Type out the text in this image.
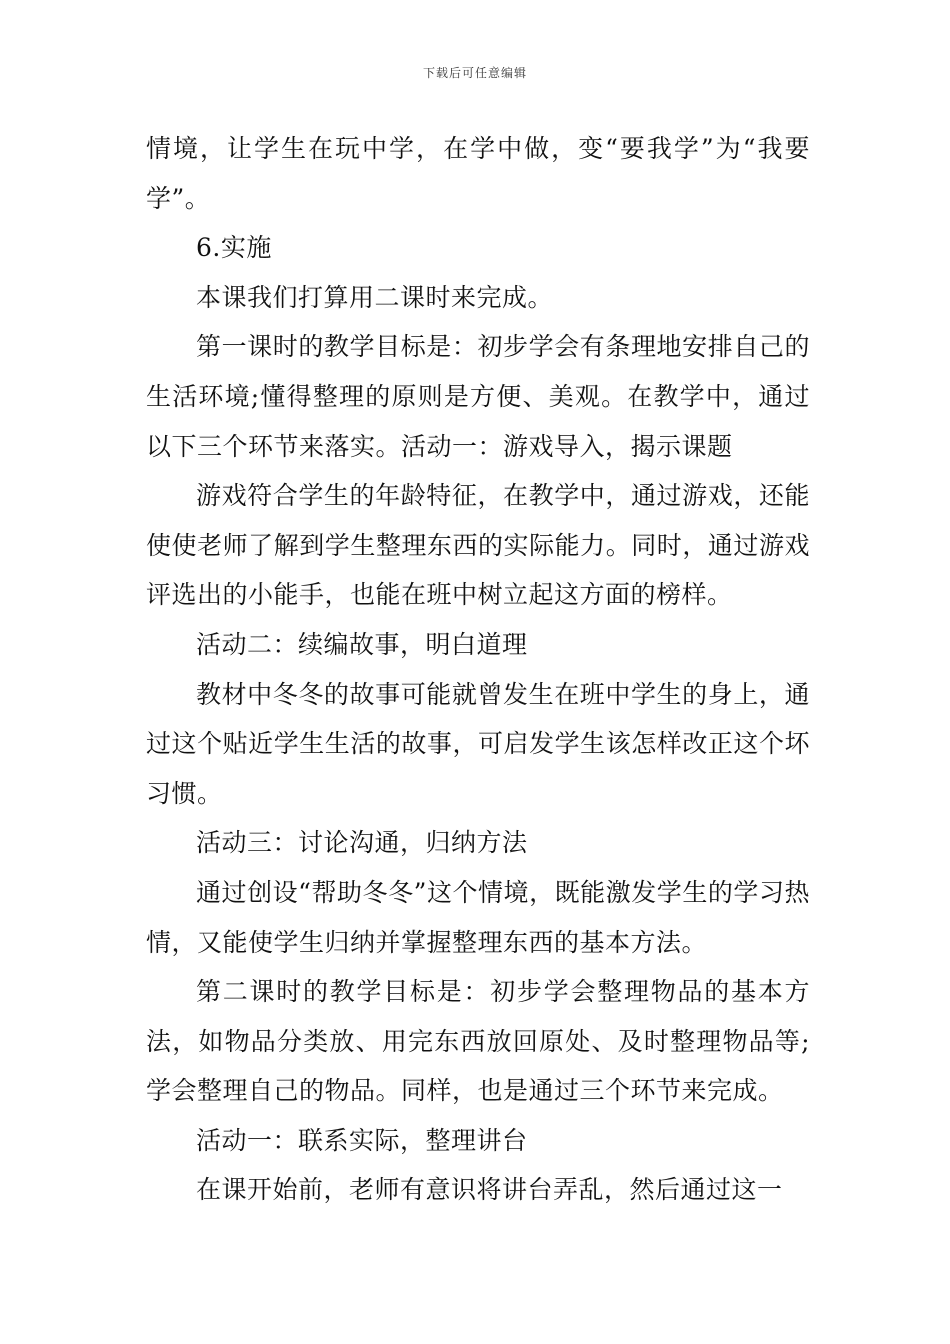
下载后可任意编辑

情境，让学生在玩中学，在学中做，变“要我学”为“我要学”。

6.实施

本课我们打算用二课时来完成。

第一课时的教学目标是：初步学会有条理地安排自己的生活环境;懂得整理的原则是方便、美观。在教学中，通过以下三个环节来落实。活动一：游戏导入，揭示课题

游戏符合学生的年龄特征，在教学中，通过游戏，还能使使老师了解到学生整理东西的实际能力。同时，通过游戏评选出的小能手，也能在班中树立起这方面的榜样。

活动二：续编故事，明白道理

教材中冬冬的故事可能就曾发生在班中学生的身上，通过这个贴近学生生活的故事，可启发学生该怎样改正这个坏习惯。

活动三：讨论沟通，归纳方法

通过创设“帮助冬冬”这个情境，既能激发学生的学习热情，又能使学生归纳并掌握整理东西的基本方法。

第二课时的教学目标是：初步学会整理物品的基本方法，如物品分类放、用完东西放回原处、及时整理物品等;学会整理自己的物品。同样，也是通过三个环节来完成。

活动一：联系实际，整理讲台

在课开始前，老师有意识将讲台弄乱，然后通过这一
